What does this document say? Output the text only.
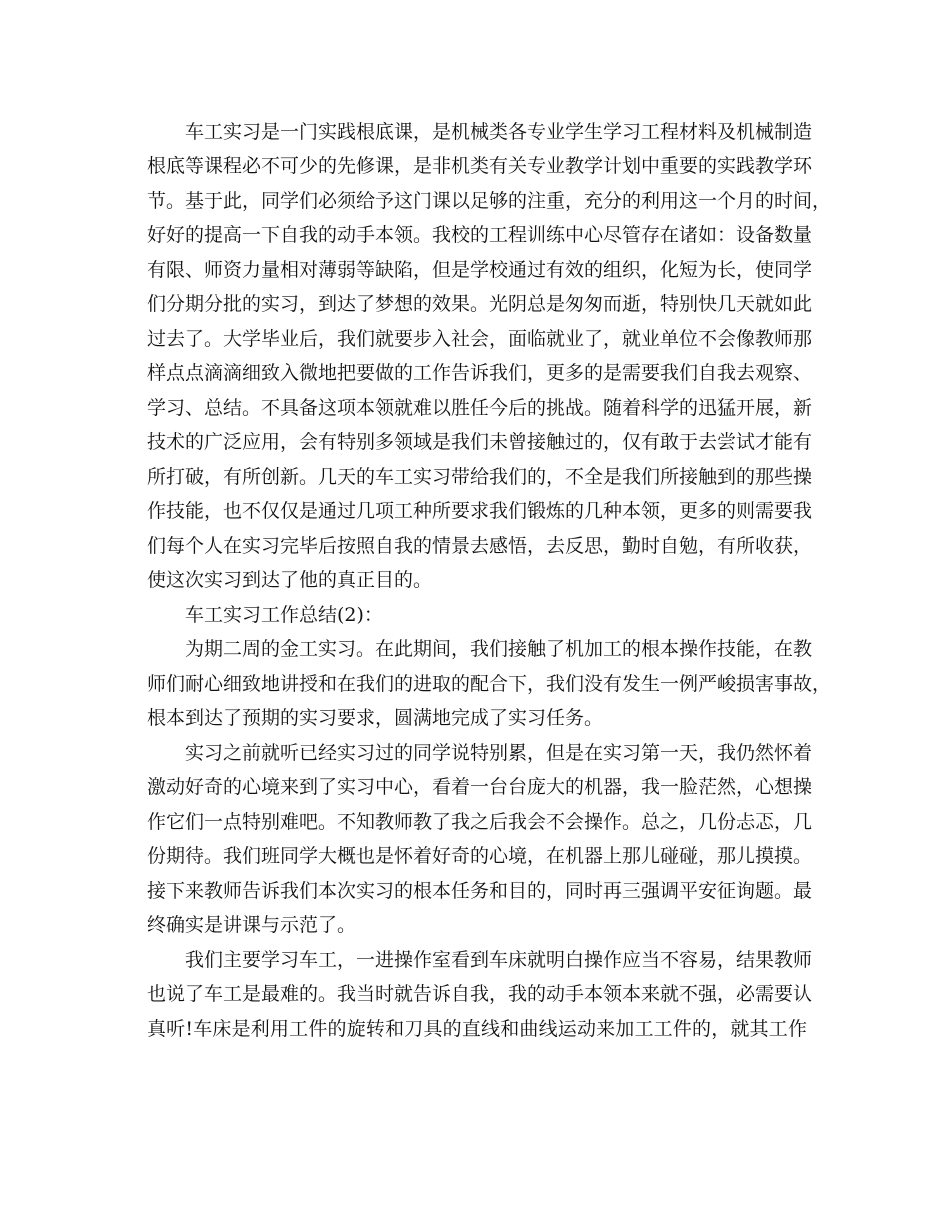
车工实习是一门实践根底课，是机械类各专业学生学习工程材料及机械制造
根底等课程必不可少的先修课，是非机类有关专业教学计划中重要的实践教学环
节。基于此，同学们必须给予这门课以足够的注重，充分的利用这一个月的时间，
好好的提高一下自我的动手本领。我校的工程训练中心尽管存在诸如：设备数量
有限、师资力量相对薄弱等缺陷，但是学校通过有效的组织，化短为长，使同学
们分期分批的实习，到达了梦想的效果。光阴总是匆匆而逝，特别快几天就如此
过去了。大学毕业后，我们就要步入社会，面临就业了，就业单位不会像教师那
样点点滴滴细致入微地把要做的工作告诉我们，更多的是需要我们自我去观察、
学习、总结。不具备这项本领就难以胜任今后的挑战。随着科学的迅猛开展，新
技术的广泛应用，会有特别多领域是我们未曾接触过的，仅有敢于去尝试才能有
所打破，有所创新。几天的车工实习带给我们的，不全是我们所接触到的那些操
作技能，也不仅仅是通过几项工种所要求我们锻炼的几种本领，更多的则需要我
们每个人在实习完毕后按照自我的情景去感悟，去反思，勤时自勉，有所收获，
使这次实习到达了他的真正目的。
车工实习工作总结(2)：
为期二周的金工实习。在此期间，我们接触了机加工的根本操作技能，在教
师们耐心细致地讲授和在我们的进取的配合下，我们没有发生一例严峻损害事故，
根本到达了预期的实习要求，圆满地完成了实习任务。
实习之前就听已经实习过的同学说特别累，但是在实习第一天，我仍然怀着
激动好奇的心境来到了实习中心，看着一台台庞大的机器，我一脸茫然，心想操
作它们一点特别难吧。不知教师教了我之后我会不会操作。总之，几份忐忑，几
份期待。我们班同学大概也是怀着好奇的心境，在机器上那儿碰碰，那儿摸摸。
接下来教师告诉我们本次实习的根本任务和目的，同时再三强调平安征询题。最
终确实是讲课与示范了。
我们主要学习车工，一进操作室看到车床就明白操作应当不容易，结果教师
也说了车工是最难的。我当时就告诉自我，我的动手本领本来就不强，必需要认
真听!车床是利用工件的旋转和刀具的直线和曲线运动来加工工件的，就其工作
